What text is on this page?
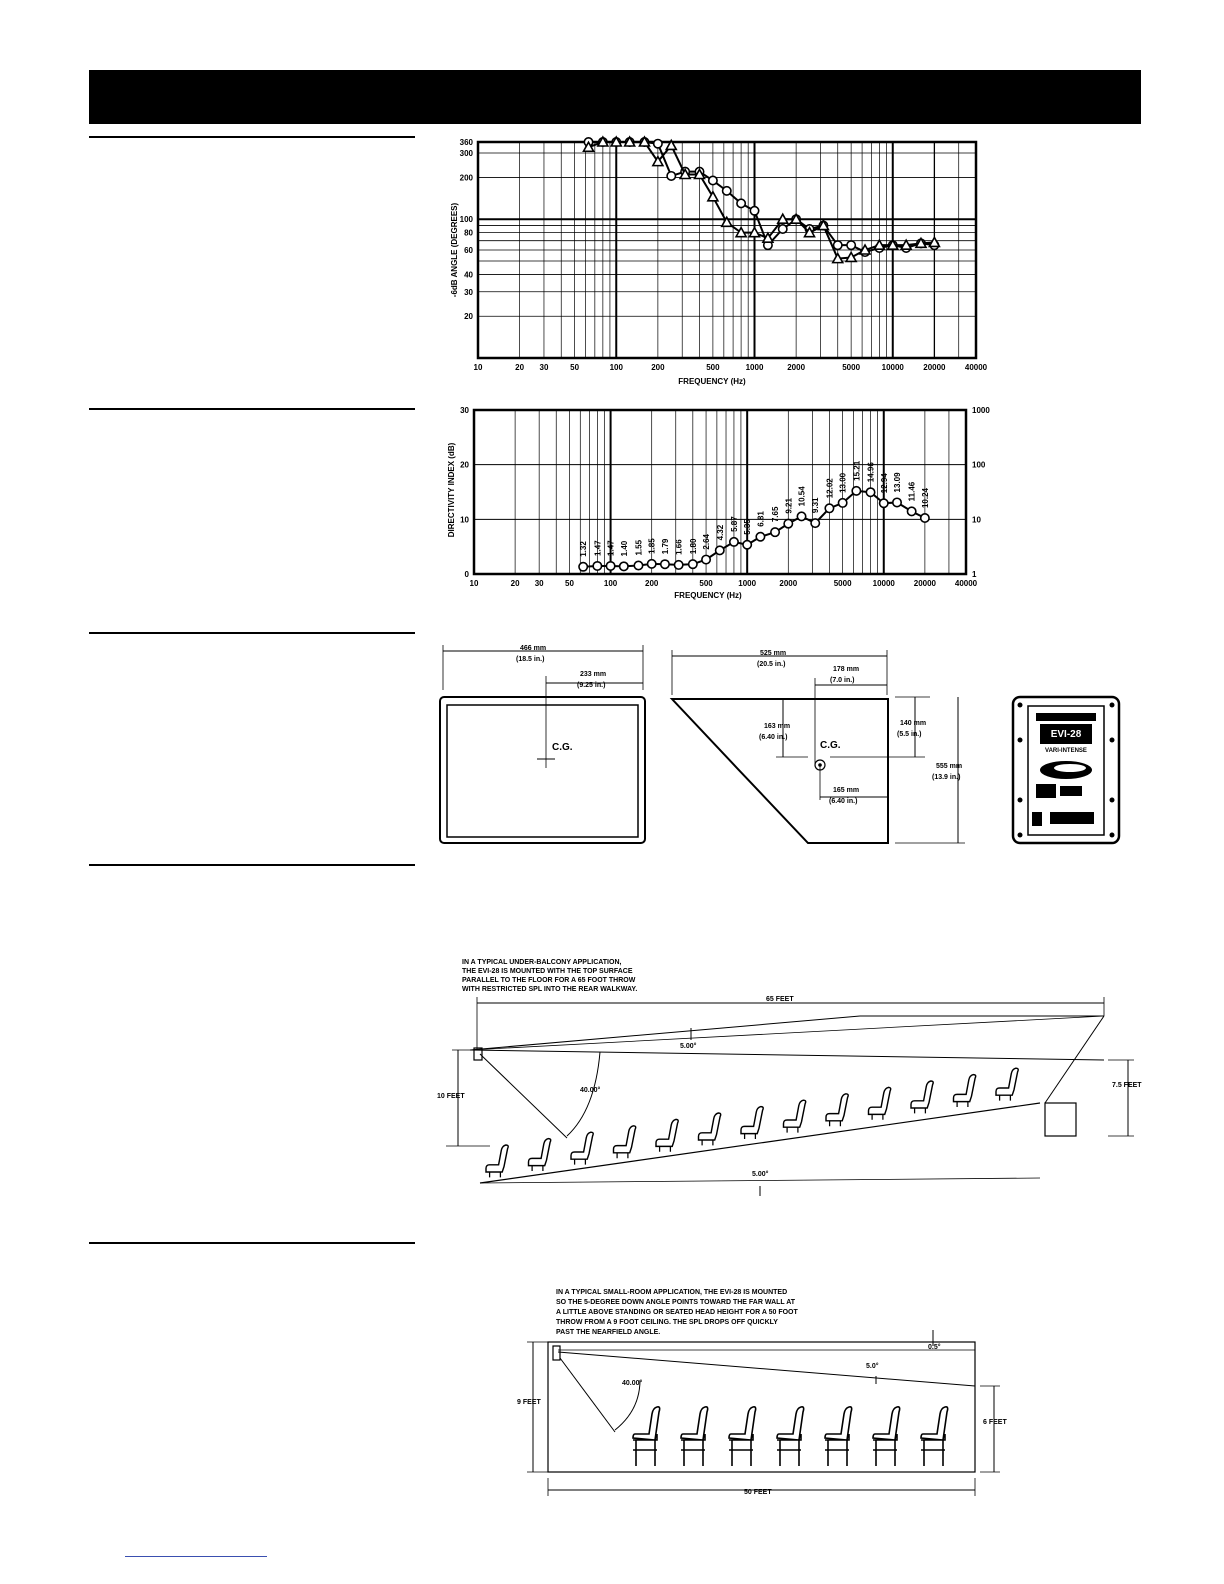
360
300
200
100
80
60
40
30
20
10	20 30	50	100	200	500	1000	2000	5000	10000 20000 40000
-6dB ANGLE (DEGREES)
FREQUENCY (Hz)
30
20
10
0
1000
100
10
1
10	20 30	50	100	200	500	1000	2000	5000	10000 20000 40000
DIRECTIVITY INDEX (dB)
FREQUENCY (Hz)
1.32 1.47 1.47 1.40 1.55 1.85 1.79 1.66 1.80 2.64
4.32
5.87 5.35
6.81 7.65
9.21 10.54 9.31
12.02 13.00
15.21 14.96
12.94 13.09 11.46 10.24
466 mm
(18.5 in.)
233 mm
(9.25 in.)
C.G.
525 mm
(20.5 in.)
178 mm
(7.0 in.)
163 mm
(6.40 in.)
C.G.
140 mm
(5.5 in.)
555 mm
(13.9 in.)
165 mm
(6.40 in.)
EVI-28
VARI-INTENSE
IN A TYPICAL UNDER-BALCONY APPLICATION,
THE EVI-28 IS MOUNTED WITH THE TOP SURFACE
PARALLEL TO THE FLOOR FOR A 65 FOOT THROW
WITH RESTRICTED SPL INTO THE REAR WALKWAY.
65 FEET
5.00°
40.00°
10 FEET
7.5 FEET
5.00°
IN A TYPICAL SMALL-ROOM APPLICATION, THE EVI-28 IS MOUNTED
SO THE 5-DEGREE DOWN ANGLE POINTS TOWARD THE FAR WALL AT
A LITTLE ABOVE STANDING OR SEATED HEAD HEIGHT FOR A 50 FOOT
THROW FROM A 9 FOOT CEILING. THE SPL DROPS OFF QUICKLY
PAST THE NEARFIELD ANGLE.
0.5°
5.0°
40.00°
9 FEET
6 FEET
50 FEET
